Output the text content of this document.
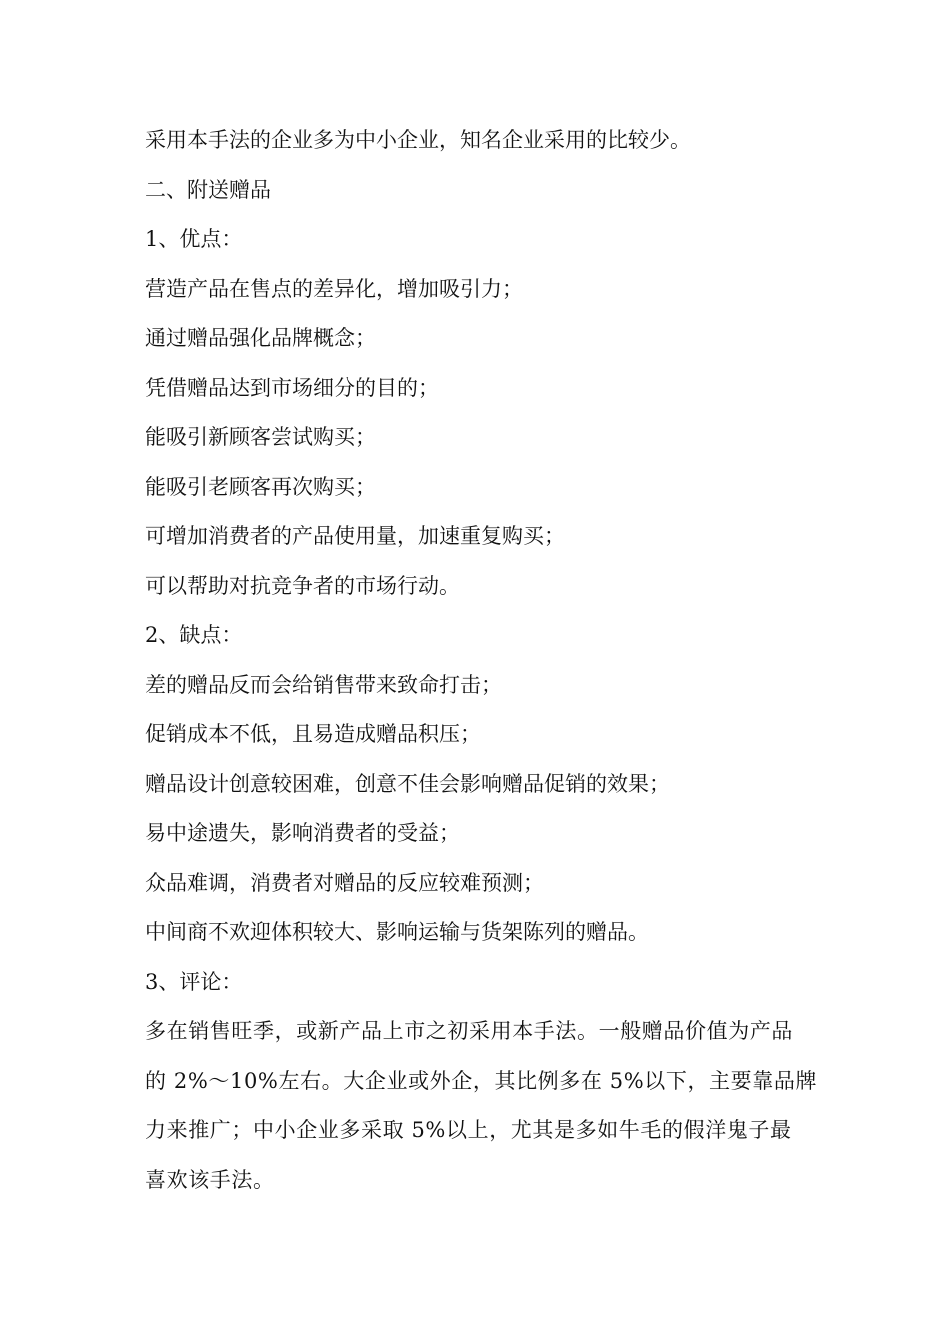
采用本手法的企业多为中小企业，知名企业采用的比较少。

二、附送赠品

1、优点：

营造产品在售点的差异化，增加吸引力；

通过赠品强化品牌概念；

凭借赠品达到市场细分的目的；

能吸引新顾客尝试购买；

能吸引老顾客再次购买；

可增加消费者的产品使用量，加速重复购买；

可以帮助对抗竞争者的市场行动。

2、缺点：

差的赠品反而会给销售带来致命打击；

促销成本不低，且易造成赠品积压；

赠品设计创意较困难，创意不佳会影响赠品促销的效果；

易中途遗失，影响消费者的受益；

众品难调，消费者对赠品的反应较难预测；

中间商不欢迎体积较大、影响运输与货架陈列的赠品。

3、评论：

多在销售旺季，或新产品上市之初采用本手法。一般赠品价值为产品

的 2%～10%左右。大企业或外企，其比例多在 5%以下，主要靠品牌

力来推广；中小企业多采取 5%以上，尤其是多如牛毛的假洋鬼子最

喜欢该手法。
